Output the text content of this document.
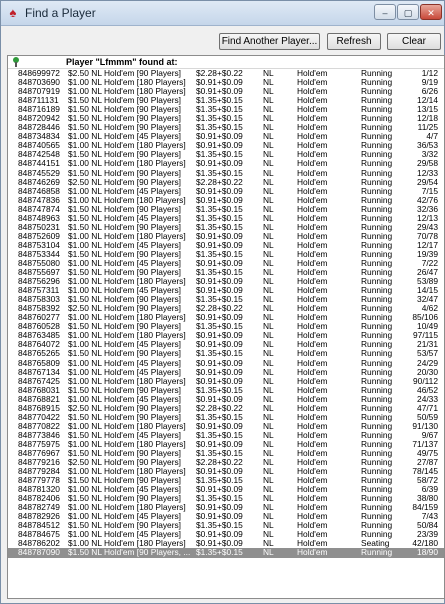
♠ Find a Player	–	▢	✕
Find Another Player...	Refresh	Clear
Player "Lfmmm" found at:
848699972 $2.50 NL Hold'em [90 Players]	$2.28+$0.22	NL	Hold'em	Running	1/12
848703690 $1.00 NL Hold'em [180 Players]	$0.91+$0.09	NL	Hold'em	Running	9/19
848707919 $1.00 NL Hold'em [180 Players]	$0.91+$0.09	NL	Hold'em	Running	6/26
848711131	$1.50 NL Hold'em [90 Players]	$1.35+$0.15	NL	Hold'em	Running	12/14
848716189 $1.50 NL Hold'em [90 Players]	$1.35+$0.15	NL	Hold'em	Running	13/15
848720942 $1.50 NL Hold'em [90 Players]	$1.35+$0.15	NL	Hold'em	Running	12/18
848728446 $1.50 NL Hold'em [90 Players]	$1.35+$0.15	NL	Hold'em	Running	11/25
848734834 $1.00 NL Hold'em [45 Players]	$0.91+$0.09	NL	Hold'em	Running	4/7
848740565 $1.00 NL Hold'em [180 Players]	$0.91+$0.09	NL	Hold'em	Running	36/53
848742548 $1.50 NL Hold'em [90 Players]	$1.35+$0.15	NL	Hold'em	Running	3/32
848744151 $1.00 NL Hold'em [180 Players]	$0.91+$0.09	NL	Hold'em	Running	29/58
848745529 $1.50 NL Hold'em [90 Players]	$1.35+$0.15	NL	Hold'em	Running	12/33
848746269 $2.50 NL Hold'em [90 Players]	$2.28+$0.22	NL	Hold'em	Running	29/54
848746858 $1.00 NL Hold'em [45 Players]	$0.91+$0.09	NL	Hold'em	Running	7/15
848747836 $1.00 NL Hold'em [180 Players]	$0.91+$0.09	NL	Hold'em	Running	42/76
848747874 $1.50 NL Hold'em [90 Players]	$1.35+$0.15	NL	Hold'em	Running	32/36
848748963 $1.50 NL Hold'em [45 Players]	$1.35+$0.15	NL	Hold'em	Running	12/13
848750231 $1.50 NL Hold'em [90 Players]	$1.35+$0.15	NL	Hold'em	Running	29/43
848752609 $1.00 NL Hold'em [180 Players]	$0.91+$0.09	NL	Hold'em	Running	70/78
848753104 $1.00 NL Hold'em [45 Players]	$0.91+$0.09	NL	Hold'em	Running	12/17
848753344 $1.50 NL Hold'em [90 Players]	$1.35+$0.15	NL	Hold'em	Running	19/39
848755080 $1.00 NL Hold'em [45 Players]	$0.91+$0.09	NL	Hold'em	Running	7/22
848755697 $1.50 NL Hold'em [90 Players]	$1.35+$0.15	NL	Hold'em	Running	26/47
848756296 $1.00 NL Hold'em [180 Players]	$0.91+$0.09	NL	Hold'em	Running	53/89
848757311	$1.00 NL Hold'em [45 Players]	$0.91+$0.09	NL	Hold'em	Running	14/15
848758303 $1.50 NL Hold'em [90 Players]	$1.35+$0.15	NL	Hold'em	Running	32/47
848758392 $2.50 NL Hold'em [90 Players]	$2.28+$0.22	NL	Hold'em	Running	4/62
848760277 $1.00 NL Hold'em [180 Players]	$0.91+$0.09	NL	Hold'em	Running	85/106
848760528 $1.50 NL Hold'em [90 Players]	$1.35+$0.15	NL	Hold'em	Running	10/49
848763485 $1.00 NL Hold'em [180 Players]	$0.91+$0.09	NL	Hold'em	Running	97/115
848764072 $1.00 NL Hold'em [45 Players]	$0.91+$0.09	NL	Hold'em	Running	21/31
848765265 $1.50 NL Hold'em [90 Players]	$1.35+$0.15	NL	Hold'em	Running	53/57
848765809 $1.00 NL Hold'em [45 Players]	$0.91+$0.09	NL	Hold'em	Running	24/29
848767134 $1.00 NL Hold'em [45 Players]	$0.91+$0.09	NL	Hold'em	Running	20/30
848767425 $1.00 NL Hold'em [180 Players]	$0.91+$0.09	NL	Hold'em	Running	90/112
848768031 $1.50 NL Hold'em [90 Players]	$1.35+$0.15	NL	Hold'em	Running	46/52
848768821 $1.00 NL Hold'em [45 Players]	$0.91+$0.09	NL	Hold'em	Running	24/33
848768915 $2.50 NL Hold'em [90 Players]	$2.28+$0.22	NL	Hold'em	Running	47/71
848770422 $1.50 NL Hold'em [90 Players]	$1.35+$0.15	NL	Hold'em	Running	50/59
848770822 $1.00 NL Hold'em [180 Players]	$0.91+$0.09	NL	Hold'em	Running	91/130
848773846 $1.50 NL Hold'em [45 Players]	$1.35+$0.15	NL	Hold'em	Running	9/67
848775975 $1.00 NL Hold'em [180 Players]	$0.91+$0.09	NL	Hold'em	Running	71/137
848776967 $1.50 NL Hold'em [90 Players]	$1.35+$0.15	NL	Hold'em	Running	49/75
848779216 $2.50 NL Hold'em [90 Players]	$2.28+$0.22	NL	Hold'em	Running	27/87
848779284 $1.00 NL Hold'em [180 Players]	$0.91+$0.09	NL	Hold'em	Running	78/145
848779778 $1.50 NL Hold'em [90 Players]	$1.35+$0.15	NL	Hold'em	Running	58/72
848781320 $1.00 NL Hold'em [45 Players]	$0.91+$0.09	NL	Hold'em	Running	6/39
848782406 $1.50 NL Hold'em [90 Players]	$1.35+$0.15	NL	Hold'em	Running	38/80
848782749 $1.00 NL Hold'em [180 Players]	$0.91+$0.09	NL	Hold'em	Running	84/159
848782926 $1.00 NL Hold'em [45 Players]	$0.91+$0.09	NL	Hold'em	Running	7/43
848784512 $1.50 NL Hold'em [90 Players]	$1.35+$0.15	NL	Hold'em	Running	50/84
848784675 $1.00 NL Hold'em [45 Players]	$0.91+$0.09	NL	Hold'em	Running	23/39
848786202 $1.00 NL Hold'em [180 Players]	$0.91+$0.09	NL	Hold'em	Seating	42/180
848787090 $1.50 NL Hold'em [90 Players, ... $1.35+$0.15	NL	Hold'em	Running	18/90
